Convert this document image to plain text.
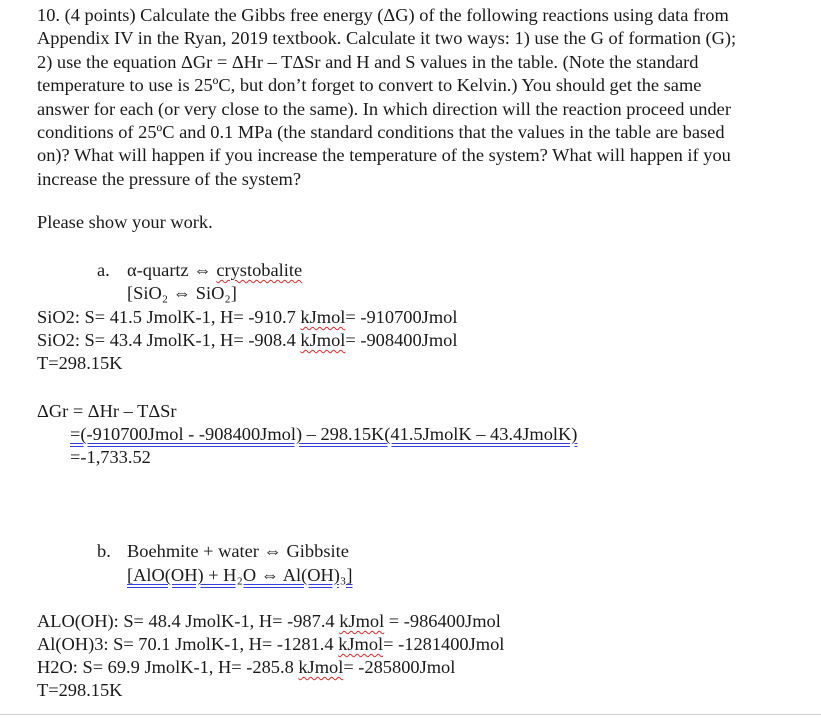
10. (4 points) Calculate the Gibbs free energy (ΔG) of the following reactions using data from
Appendix IV in the Ryan, 2019 textbook. Calculate it two ways: 1) use the G of formation (G);
2) use the equation ΔGr = ΔHr – TΔSr and H and S values in the table. (Note the standard
temperature to use is 25ºC, but don’t forget to convert to Kelvin.) You should get the same
answer for each (or very close to the same). In which direction will the reaction proceed under
conditions of 25ºC and 0.1 MPa (the standard conditions that the values in the table are based
on)? What will happen if you increase the temperature of the system? What will happen if you
increase the pressure of the system?
Please show your work.
a. α-quartz ⇔ crystobalite
[SiO₂ ⇔ SiO₂]
SiO2: S= 41.5 JmolK-1, H= -910.7 kJmol= -910700Jmol
SiO2: S= 43.4 JmolK-1, H= -908.4 kJmol= -908400Jmol
T=298.15K
ΔGr = ΔHr – TΔSr
=(-910700Jmol - -908400Jmol) – 298.15K(41.5JmolK – 43.4JmolK)
=-1,733.52
b. Boehmite + water ⇔ Gibbsite
[AlO(OH) + H₂O ⇔ Al(OH)₃]
ALO(OH): S= 48.4 JmolK-1, H= -987.4 kJmol = -986400Jmol
Al(OH)3: S= 70.1 JmolK-1, H= -1281.4 kJmol= -1281400Jmol
H2O: S= 69.9 JmolK-1, H= -285.8 kJmol= -285800Jmol
T=298.15K
